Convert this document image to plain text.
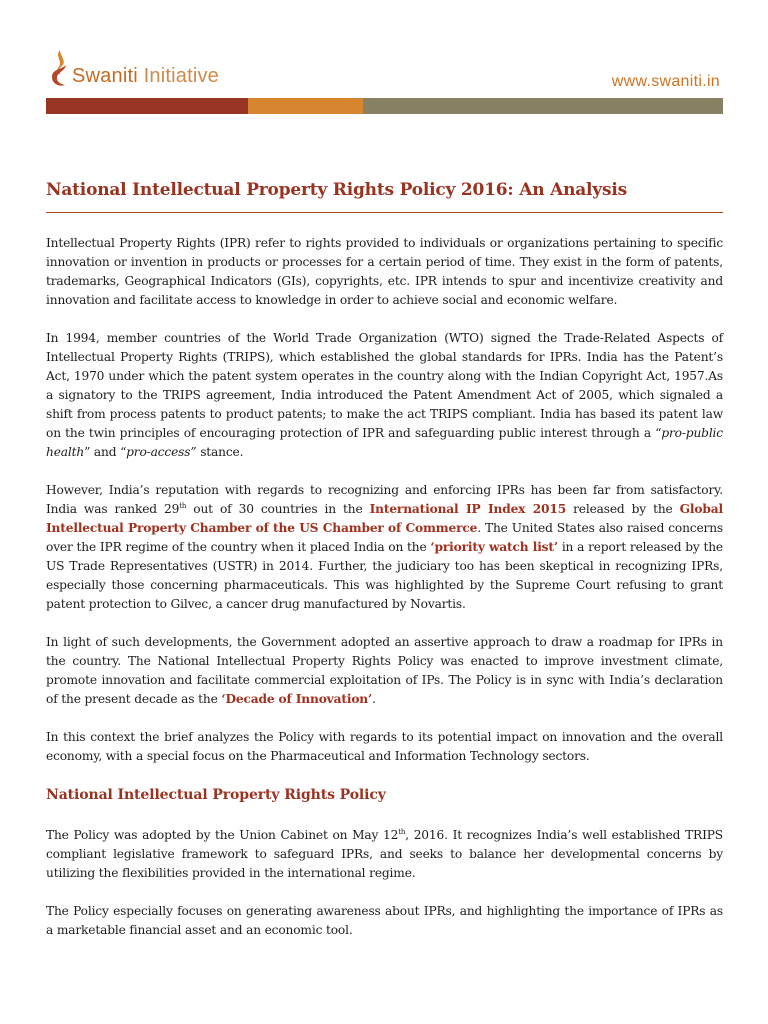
Swaniti Initiative	www.swaniti.in
National Intellectual Property Rights Policy 2016: An Analysis

Intellectual Property Rights (IPR) refer to rights provided to individuals or organizations pertaining to specific innovation or invention in products or processes for a certain period of time. They exist in the form of patents, trademarks, Geographical Indicators (GIs), copyrights, etc. IPR intends to spur and incentivize creativity and innovation and facilitate access to knowledge in order to achieve social and economic welfare.

In 1994, member countries of the World Trade Organization (WTO) signed the Trade-Related Aspects of Intellectual Property Rights (TRIPS), which established the global standards for IPRs. India has the Patent’s Act, 1970 under which the patent system operates in the country along with the Indian Copyright Act, 1957.As a signatory to the TRIPS agreement, India introduced the Patent Amendment Act of 2005, which signaled a shift from process patents to product patents; to make the act TRIPS compliant. India has based its patent law on the twin principles of encouraging protection of IPR and safeguarding public interest through a “pro-public health” and “pro-access” stance.

However, India’s reputation with regards to recognizing and enforcing IPRs has been far from satisfactory. India was ranked 29th out of 30 countries in the International IP Index 2015 released by the Global Intellectual Property Chamber of the US Chamber of Commerce. The United States also raised concerns over the IPR regime of the country when it placed India on the ‘priority watch list’ in a report released by the US Trade Representatives (USTR) in 2014. Further, the judiciary too has been skeptical in recognizing IPRs, especially those concerning pharmaceuticals. This was highlighted by the Supreme Court refusing to grant patent protection to Gilvec, a cancer drug manufactured by Novartis.

In light of such developments, the Government adopted an assertive approach to draw a roadmap for IPRs in the country. The National Intellectual Property Rights Policy was enacted to improve investment climate, promote innovation and facilitate commercial exploitation of IPs. The Policy is in sync with India’s declaration of the present decade as the ‘Decade of Innovation’.

In this context the brief analyzes the Policy with regards to its potential impact on innovation and the overall economy, with a special focus on the Pharmaceutical and Information Technology sectors.

National Intellectual Property Rights Policy

The Policy was adopted by the Union Cabinet on May 12th, 2016. It recognizes India’s well established TRIPS compliant legislative framework to safeguard IPRs, and seeks to balance her developmental concerns by utilizing the flexibilities provided in the international regime.

The Policy especially focuses on generating awareness about IPRs, and highlighting the importance of IPRs as a marketable financial asset and an economic tool.
